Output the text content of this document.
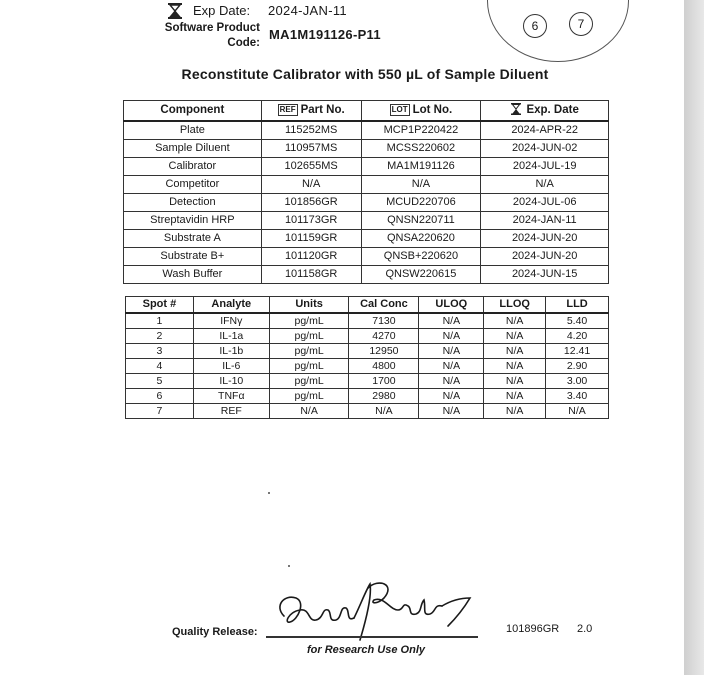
Exp Date: 2024-JAN-11
Software Product
Code:
MA1M191126-P11
6	7
Reconstitute Calibrator with 550 µL of Sample Diluent
Component	REF Part No.	LOT Lot No.	Exp. Date
Plate	115252MS	MCP1P220422	2024-APR-22
Sample Diluent	110957MS	MCSS220602	2024-JUN-02
Calibrator	102655MS	MA1M191126	2024-JUL-19
Competitor	N/A	N/A	N/A
Detection	101856GR	MCUD220706	2024-JUL-06
Streptavidin HRP	101173GR	QNSN220711	2024-JAN-11
Substrate A	101159GR	QNSA220620	2024-JUN-20
Substrate B+	101120GR	QNSB+220620	2024-JUN-20
Wash Buffer	101158GR	QNSW220615	2024-JUN-15
Spot #	Analyte	Units	Cal Conc	ULOQ	LLOQ	LLD
1	IFNγ	pg/mL	7130	N/A	N/A	5.40
2	IL-1a	pg/mL	4270	N/A	N/A	4.20
3	IL-1b	pg/mL	12950	N/A	N/A	12.41
4	IL-6	pg/mL	4800	N/A	N/A	2.90
5	IL-10	pg/mL	1700	N/A	N/A	3.00
6	TNFα	pg/mL	2980	N/A	N/A	3.40
7	REF	N/A	N/A	N/A	N/A	N/A
Quality Release:	101896GR 2.0
for Research Use Only
